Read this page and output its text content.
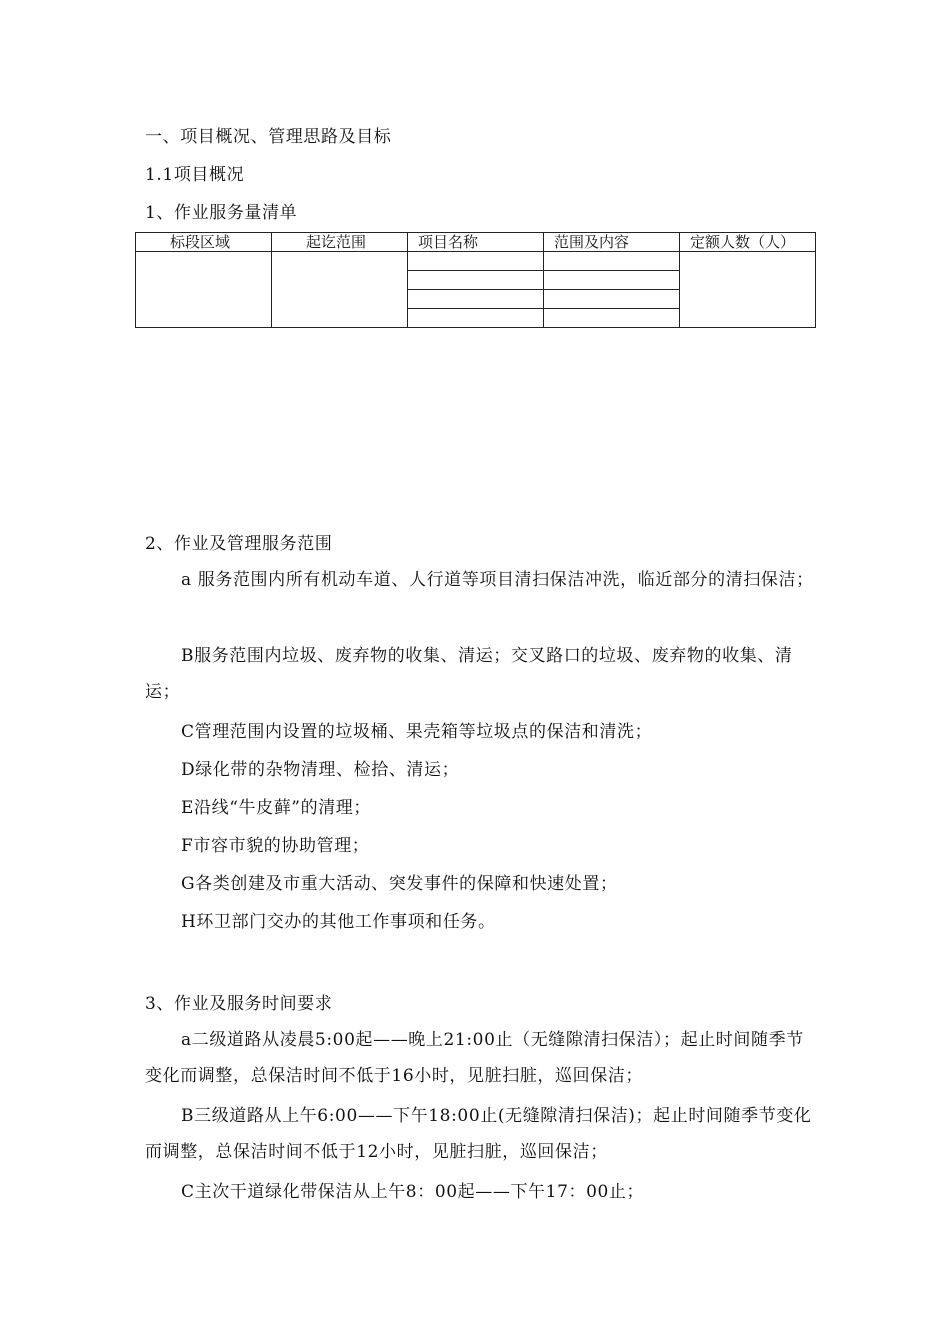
一、项目概况、管理思路及目标
1.1项目概况
1、作业服务量清单
标段区域	起讫范围	项目名称	范围及内容	定额人数（人）

2、作业及管理服务范围
a 服务范围内所有机动车道、人行道等项目清扫保洁冲洗，临近部分的清扫保洁；
B服务范围内垃圾、废弃物的收集、清运；交叉路口的垃圾、废弃物的收集、清运；
C管理范围内设置的垃圾桶、果壳箱等垃圾点的保洁和清洗；
D绿化带的杂物清理、检拾、清运；
E沿线“牛皮藓”的清理；
F市容市貌的协助管理；
G各类创建及市重大活动、突发事件的保障和快速处置；
H环卫部门交办的其他工作事项和任务。
3、作业及服务时间要求
a二级道路从凌晨5:00起——晚上21:00止（无缝隙清扫保洁）；起止时间随季节变化而调整，总保洁时间不低于16小时，见脏扫脏，巡回保洁；
B三级道路从上午6:00——下午18:00止(无缝隙清扫保洁)；起止时间随季节变化而调整，总保洁时间不低于12小时，见脏扫脏，巡回保洁；
C主次干道绿化带保洁从上午8：00起——下午17：00止；
